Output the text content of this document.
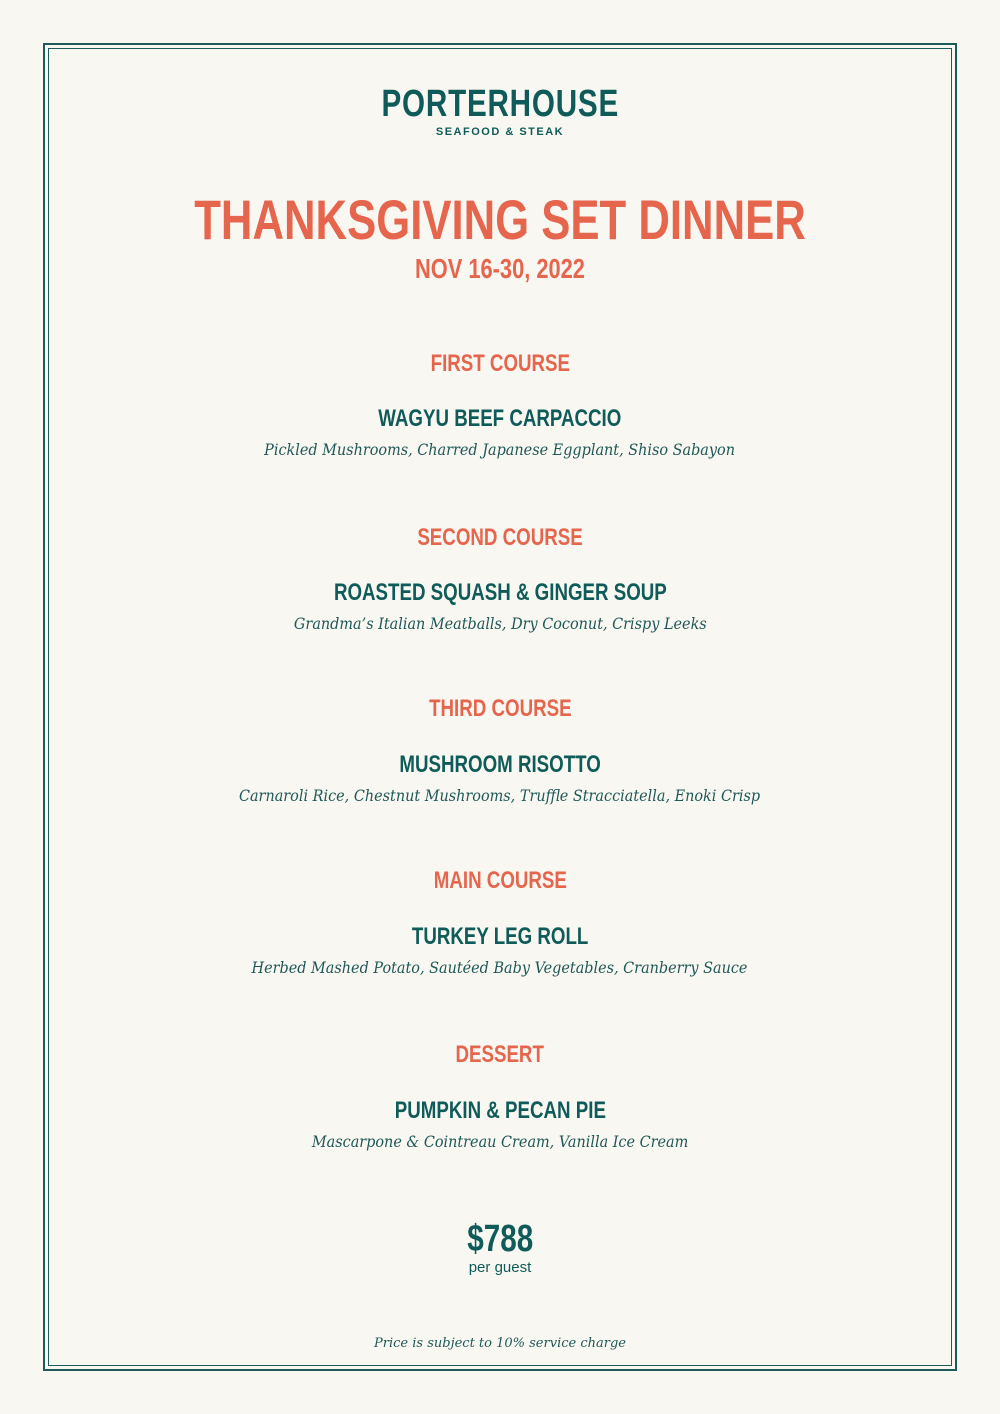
PORTERHOUSE
SEAFOOD & STEAK
THANKSGIVING SET DINNER
NOV 16-30, 2022
FIRST COURSE
WAGYU BEEF CARPACCIO
Pickled Mushrooms, Charred Japanese Eggplant, Shiso Sabayon
SECOND COURSE
ROASTED SQUASH & GINGER SOUP
Grandma’s Italian Meatballs, Dry Coconut, Crispy Leeks
THIRD COURSE
MUSHROOM RISOTTO
Carnaroli Rice, Chestnut Mushrooms, Truffle Stracciatella, Enoki Crisp
MAIN COURSE
TURKEY LEG ROLL
Herbed Mashed Potato, Sautéed Baby Vegetables, Cranberry Sauce
DESSERT
PUMPKIN & PECAN PIE
Mascarpone & Cointreau Cream, Vanilla Ice Cream
$788
per guest
Price is subject to 10% service charge
